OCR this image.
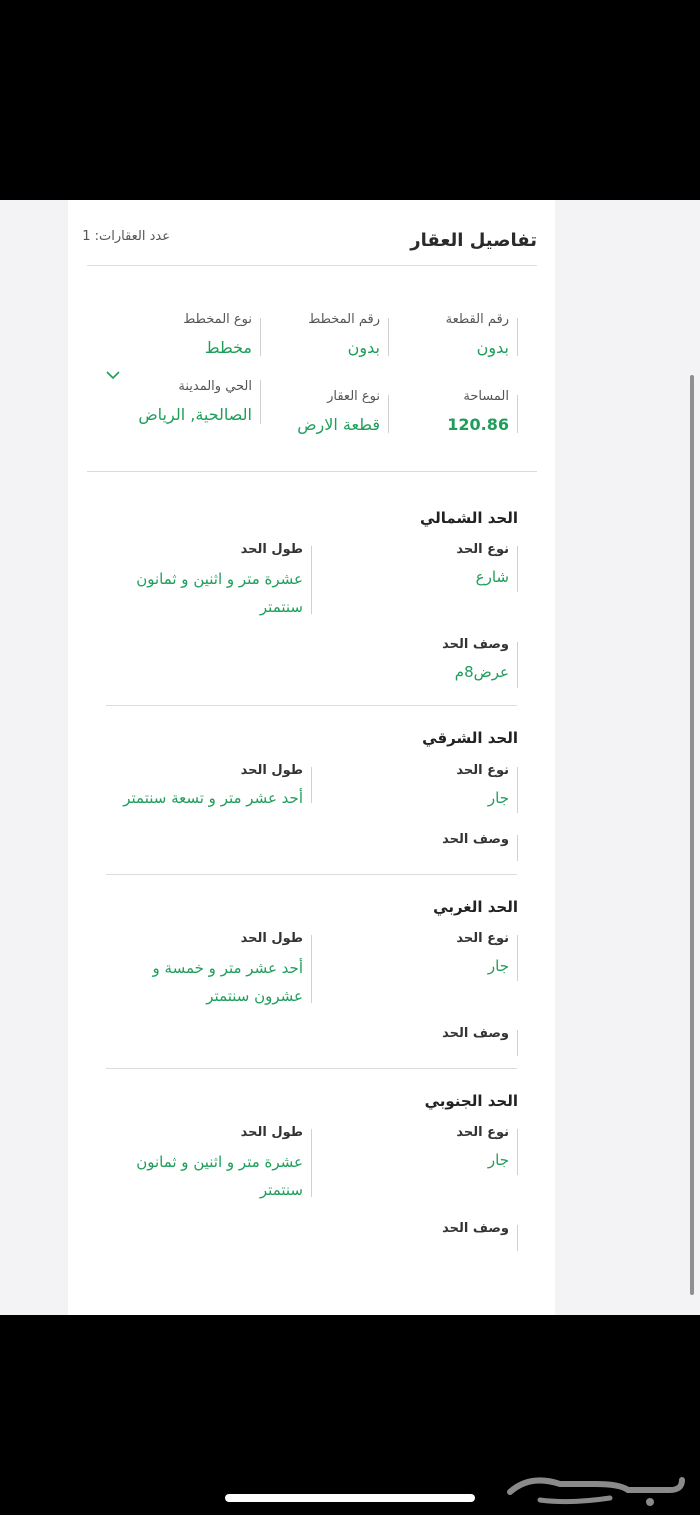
تفاصيل العقار
عدد العقارات: 1
رقم القطعة
بدون
رقم المخطط
بدون
نوع المخطط
مخطط
المساحة
120.86
نوع العقار
قطعة الارض
الحي والمدينة
الصالحية, الرياض
الحد الشمالي
نوع الحد
شارع
طول الحد
عشرة متر و اثنين و ثمانون سنتمتر
وصف الحد
عرض8م
الحد الشرقي
نوع الحد
جار
طول الحد
أحد عشر متر و تسعة سنتمتر
وصف الحد
الحد الغربي
نوع الحد
جار
طول الحد
أحد عشر متر و خمسة و عشرون سنتمتر
وصف الحد
الحد الجنوبي
نوع الحد
جار
طول الحد
عشرة متر و اثنين و ثمانون سنتمتر
وصف الحد
